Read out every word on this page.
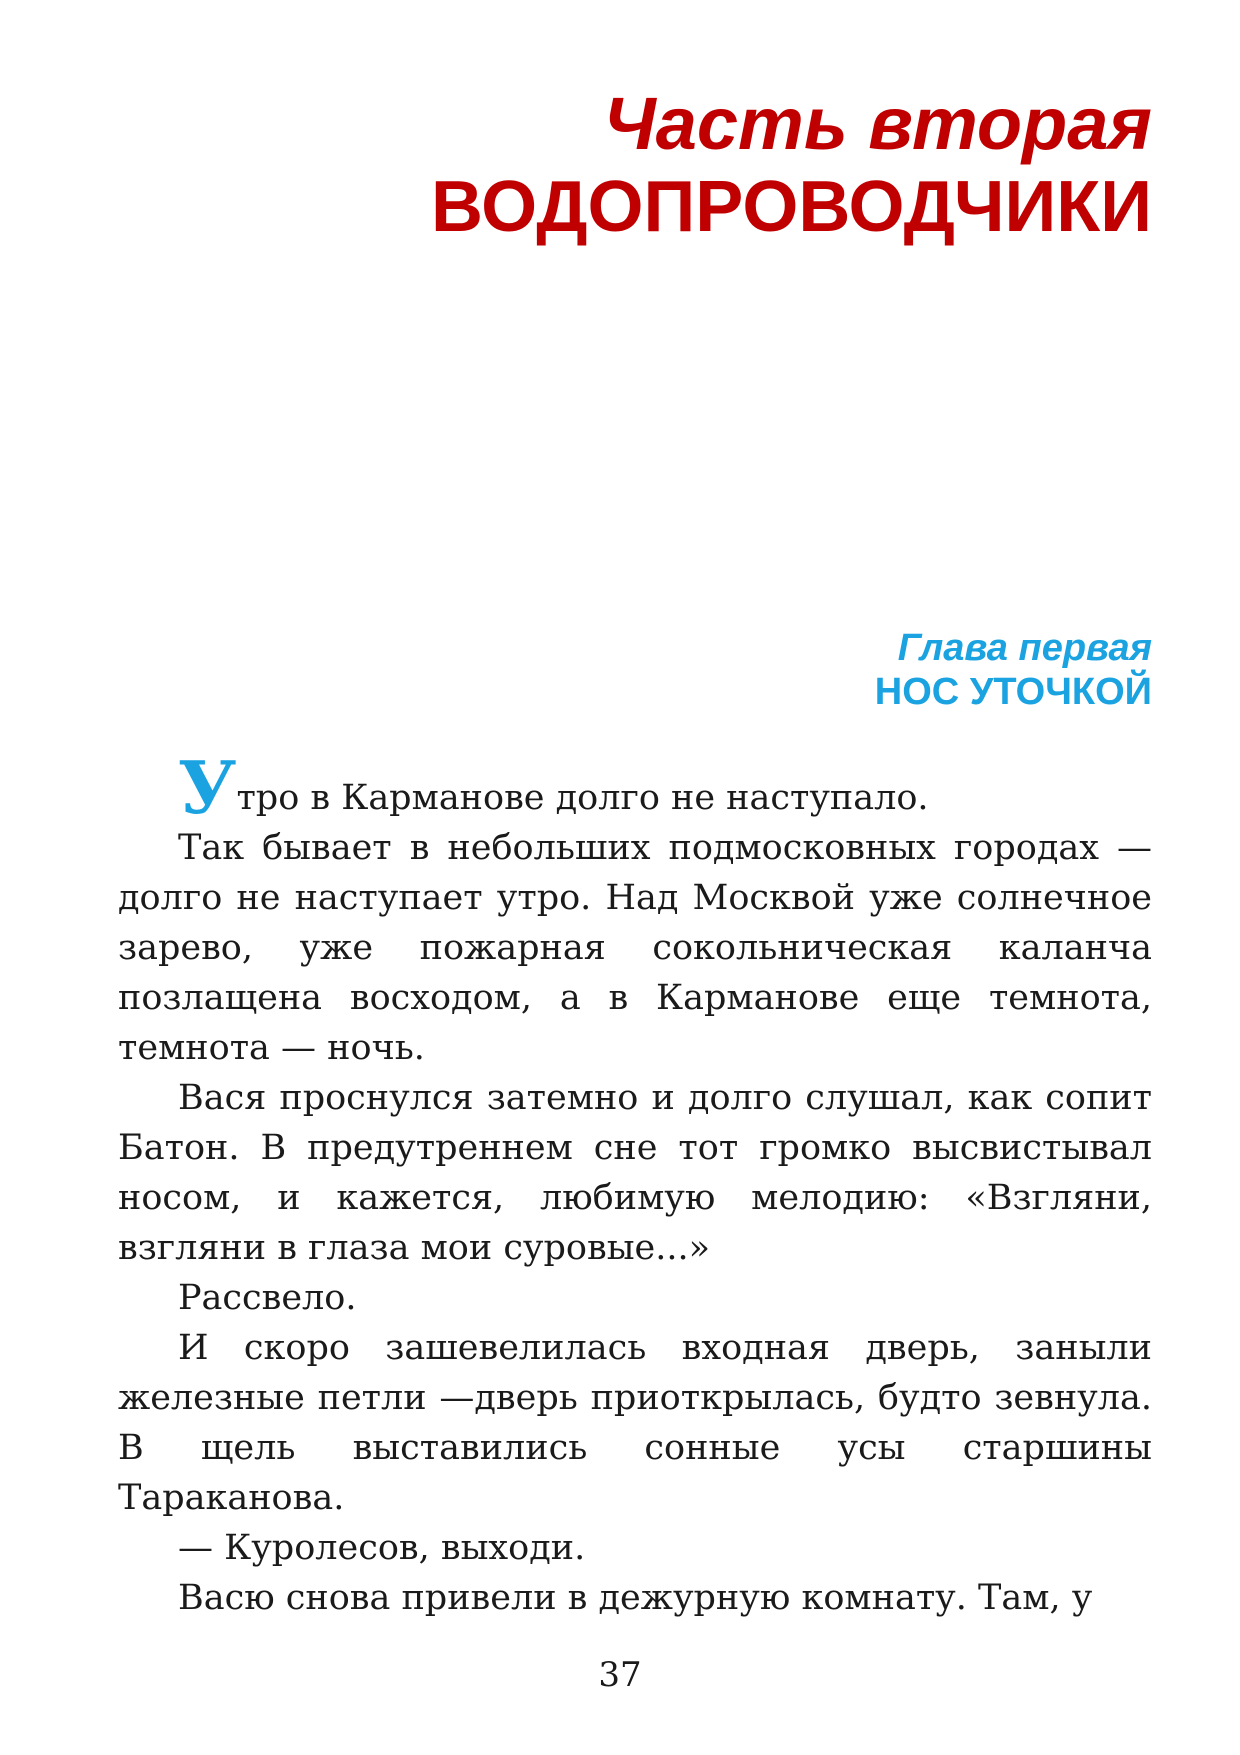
Часть вторая
ВОДОПРОВОДЧИКИ
Глава первая
НОС УТОЧКОЙ

Утро в Карманове долго не наступало.

Так бывает в небольших подмосковных городах — долго не наступает утро. Над Москвой уже солнечное зарево, уже пожарная сокольническая каланча позлащена восходом, а в Карманове еще темнота, темнота — ночь.

Вася проснулся затемно и долго слушал, как сопит Батон. В предутреннем сне тот громко высвистывал носом, и кажется, любимую мелодию: «Взгляни, взгляни в глаза мои суровые...»

Рассвело.

И скоро зашевелилась входная дверь, заныли железные петли —дверь приоткрылась, будто зевнула. В щель выставились сонные усы старшины Тараканова.

— Куролесов, выходи.

Васю снова привели в дежурную комнату. Там, у

37
